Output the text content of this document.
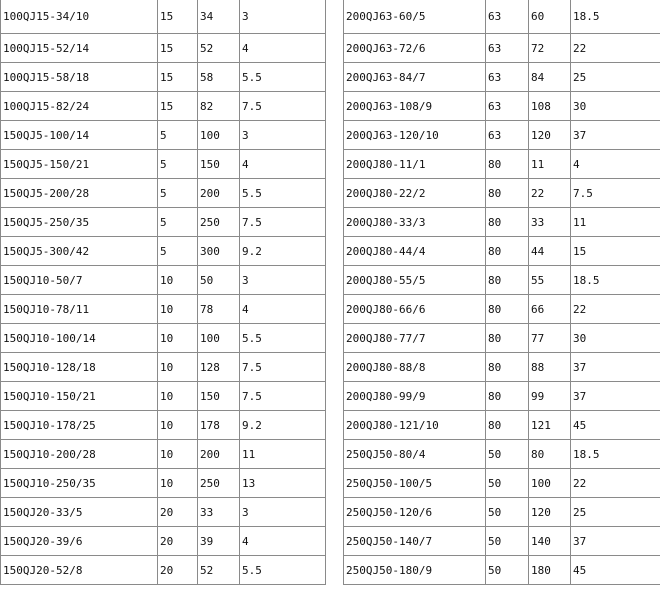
100QJ15-34/10	15	34	3
100QJ15-52/14	15	52	4
100QJ15-58/18	15	58	5.5
100QJ15-82/24	15	82	7.5
150QJ5-100/14	5	100	3
150QJ5-150/21	5	150	4
150QJ5-200/28	5	200	5.5
150QJ5-250/35	5	250	7.5
150QJ5-300/42	5	300	9.2
150QJ10-50/7	10	50	3
150QJ10-78/11	10	78	4
150QJ10-100/14	10	100	5.5
150QJ10-128/18	10	128	7.5
150QJ10-150/21	10	150	7.5
150QJ10-178/25	10	178	9.2
150QJ10-200/28	10	200	11
150QJ10-250/35	10	250	13
150QJ20-33/5	20	33	3
150QJ20-39/6	20	39	4
150QJ20-52/8	20	52	5.5
200QJ63-60/5	63	60	18.5
200QJ63-72/6	63	72	22
200QJ63-84/7	63	84	25
200QJ63-108/9	63	108	30
200QJ63-120/10	63	120	37
200QJ80-11/1	80	11	4
200QJ80-22/2	80	22	7.5
200QJ80-33/3	80	33	11
200QJ80-44/4	80	44	15
200QJ80-55/5	80	55	18.5
200QJ80-66/6	80	66	22
200QJ80-77/7	80	77	30
200QJ80-88/8	80	88	37
200QJ80-99/9	80	99	37
200QJ80-121/10	80	121	45
250QJ50-80/4	50	80	18.5
250QJ50-100/5	50	100	22
250QJ50-120/6	50	120	25
250QJ50-140/7	50	140	37
250QJ50-180/9	50	180	45
